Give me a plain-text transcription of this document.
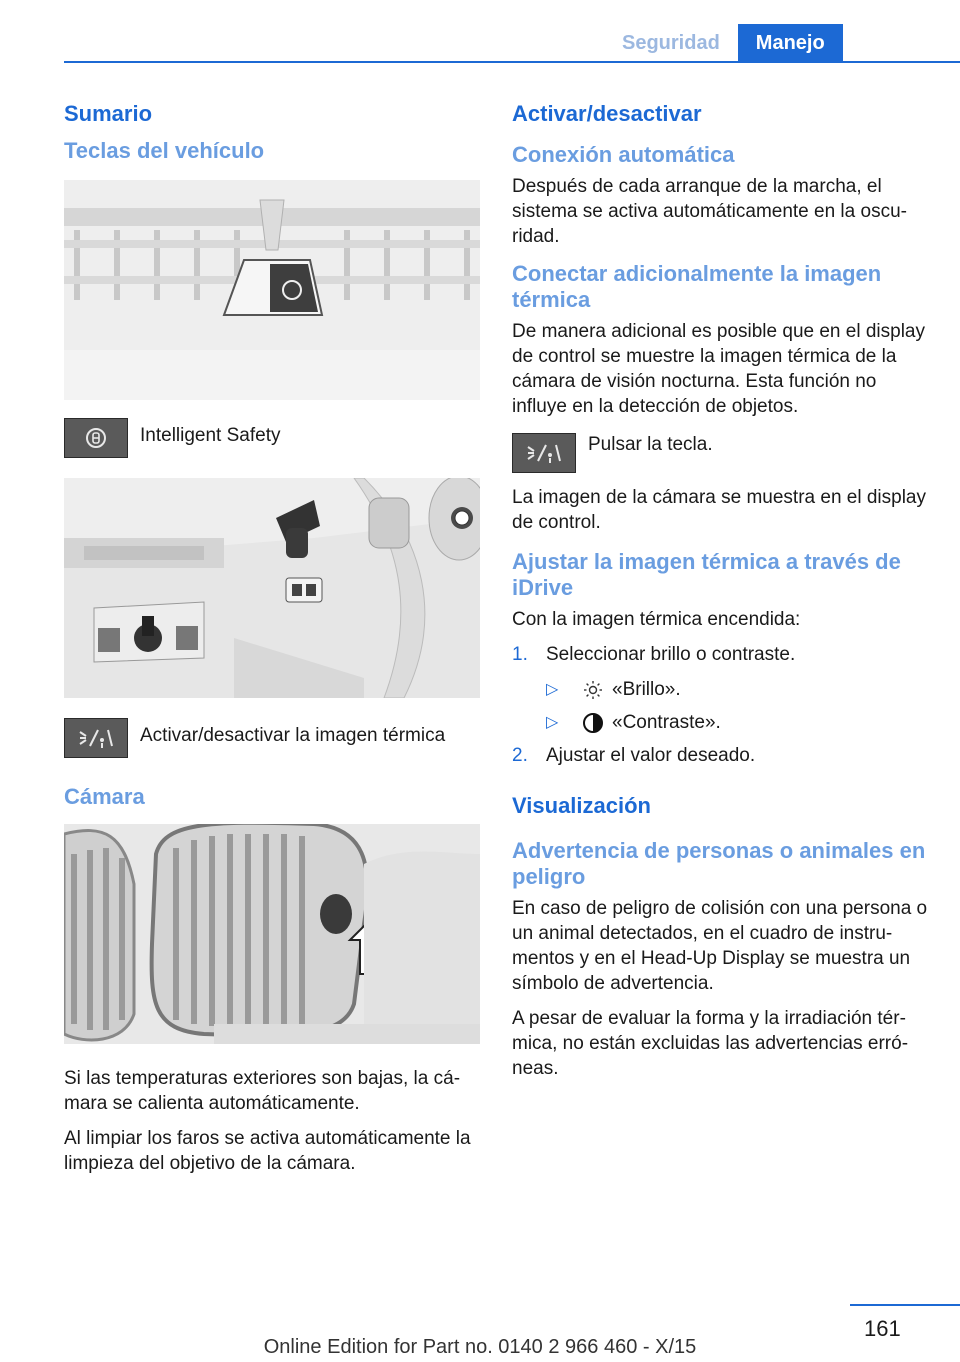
Seguridad	Manejo
Sumario
Teclas del vehículo
Intelligent Safety
Activar/desactivar la imagen térmica
Cámara

Si las temperaturas exteriores son bajas, la cámara se calienta automáticamente.

Al limpiar los faros se activa automáticamente la limpieza del objetivo de la cámara.

Activar/desactivar
Conexión automática

Después de cada arranque de la marcha, el sistema se activa automáticamente en la oscuridad.

Conectar adicionalmente la imagen térmica

De manera adicional es posible que en el display de control se muestre la imagen térmica de la cámara de visión nocturna. Esta función no influye en la detección de objetos.

Pulsar la tecla.

La imagen de la cámara se muestra en el display de control.

Ajustar la imagen térmica a través de iDrive

Con la imagen térmica encendida:

1. Seleccionar brillo o contraste.
▷	«Brillo».
▷	«Contraste».
2. Ajustar el valor deseado.
Visualización
Advertencia de personas o animales en peligro

En caso de peligro de colisión con una persona o un animal detectados, en el cuadro de instrumentos y en el Head-Up Display se muestra un símbolo de advertencia.

A pesar de evaluar la forma y la irradiación térmica, no están excluidas las advertencias erróneas.

161
Online Edition for Part no. 0140 2 966 460 - X/15
